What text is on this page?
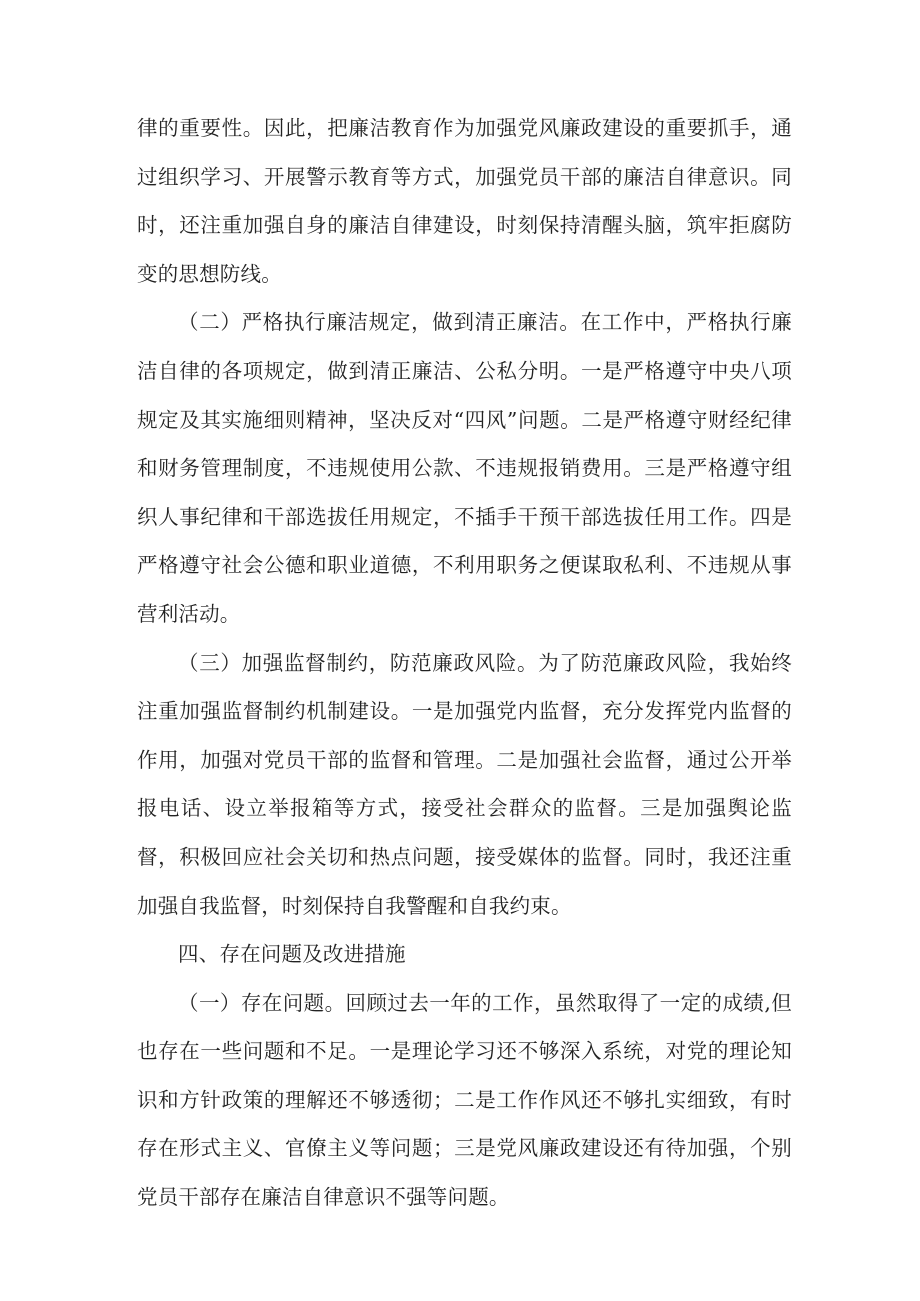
律的重要性。因此，把廉洁教育作为加强党风廉政建设的重要抓手，通过组织学习、开展警示教育等方式，加强党员干部的廉洁自律意识。同时，还注重加强自身的廉洁自律建设，时刻保持清醒头脑，筑牢拒腐防变的思想防线。

（二）严格执行廉洁规定，做到清正廉洁。在工作中，严格执行廉洁自律的各项规定，做到清正廉洁、公私分明。一是严格遵守中央八项规定及其实施细则精神，坚决反对“四风”问题。二是严格遵守财经纪律和财务管理制度，不违规使用公款、不违规报销费用。三是严格遵守组织人事纪律和干部选拔任用规定，不插手干预干部选拔任用工作。四是严格遵守社会公德和职业道德，不利用职务之便谋取私利、不违规从事营利活动。

（三）加强监督制约，防范廉政风险。为了防范廉政风险，我始终注重加强监督制约机制建设。一是加强党内监督，充分发挥党内监督的作用，加强对党员干部的监督和管理。二是加强社会监督，通过公开举报电话、设立举报箱等方式，接受社会群众的监督。三是加强舆论监督，积极回应社会关切和热点问题，接受媒体的监督。同时，我还注重加强自我监督，时刻保持自我警醒和自我约束。

四、存在问题及改进措施

（一）存在问题。回顾过去一年的工作，虽然取得了一定的成绩,但也存在一些问题和不足。一是理论学习还不够深入系统，对党的理论知识和方针政策的理解还不够透彻；二是工作作风还不够扎实细致，有时存在形式主义、官僚主义等问题；三是党风廉政建设还有待加强，个别党员干部存在廉洁自律意识不强等问题。
